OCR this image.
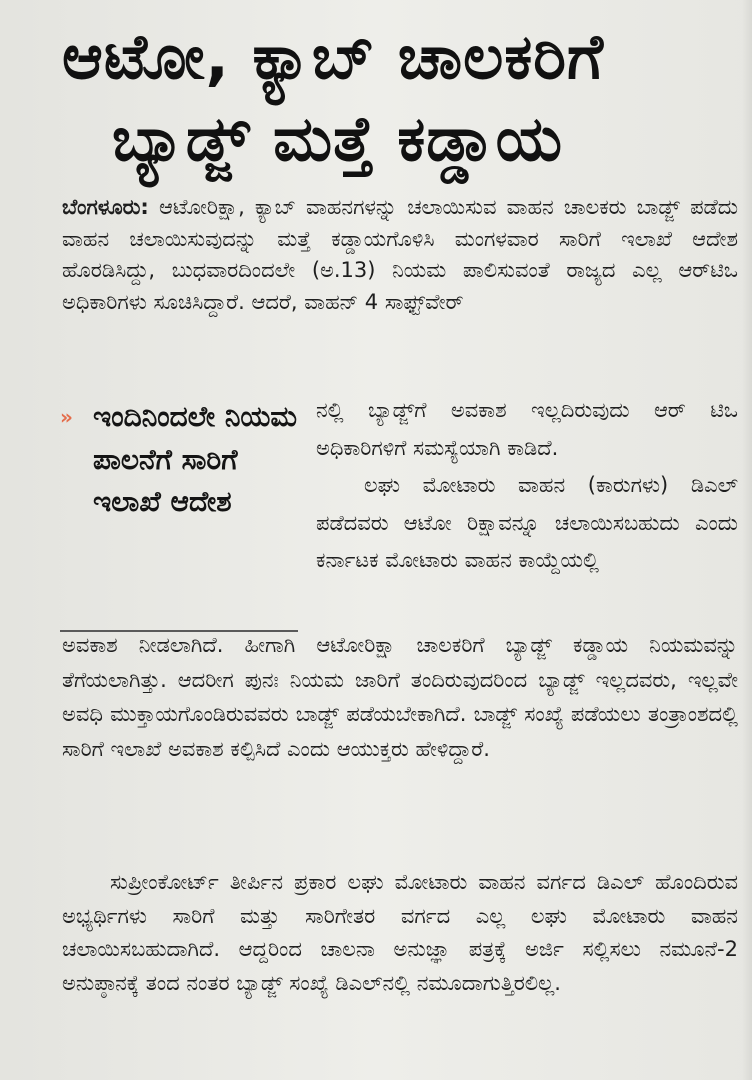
ಆಟೋ, ಕ್ಯಾಬ್ ಚಾಲಕರಿಗೆ
ಬ್ಯಾಡ್ಜ್ ಮತ್ತೆ ಕಡ್ಡಾಯ

ಬೆಂಗಳೂರು: ಆಟೋರಿಕ್ಷಾ, ಕ್ಯಾಬ್ ವಾಹನಗಳನ್ನು ಚಲಾಯಿಸುವ ವಾಹನ ಚಾಲಕರು ಬಾಡ್ಜ್ ಪಡೆದು ವಾಹನ ಚಲಾಯಿಸುವುದನ್ನು ಮತ್ತೆ ಕಡ್ಡಾಯಗೊಳಿಸಿ ಮಂಗಳವಾರ ಸಾರಿಗೆ ಇಲಾಖೆ ಆದೇಶ ಹೊರಡಿಸಿದ್ದು, ಬುಧವಾರದಿಂದಲೇ (ಅ.13) ನಿಯಮ ಪಾಲಿಸುವಂತೆ ರಾಜ್ಯದ ಎಲ್ಲ ಆರ್‌ಟಿಒ ಅಧಿಕಾರಿಗಳು ಸೂಚಿಸಿದ್ದಾರೆ. ಆದರೆ, ವಾಹನ್ 4 ಸಾಫ್ಟ್‌ವೇರ್

» ಇಂದಿನಿಂದಲೇ ನಿಯಮ ಪಾಲನೆಗೆ ಸಾರಿಗೆ ಇಲಾಖೆ ಆದೇಶ

ನಲ್ಲಿ ಬ್ಯಾಡ್ಜ್‌ಗೆ ಅವಕಾಶ ಇಲ್ಲದಿರುವುದು ಆರ್ ಟಿಒ ಅಧಿಕಾರಿಗಳಿಗೆ ಸಮಸ್ಯೆಯಾಗಿ ಕಾಡಿದೆ.

ಲಘು ಮೋಟಾರು ವಾಹನ (ಕಾರುಗಳು) ಡಿಎಲ್ ಪಡೆದವರು ಆಟೋ ರಿಕ್ಷಾವನ್ನೂ ಚಲಾಯಿಸಬಹುದು ಎಂದು ಕರ್ನಾಟಕ ಮೋಟಾರು ವಾಹನ ಕಾಯ್ದೆಯಲ್ಲಿ

ಅವಕಾಶ ನೀಡಲಾಗಿದೆ. ಹೀಗಾಗಿ ಆಟೋರಿಕ್ಷಾ ಚಾಲಕರಿಗೆ ಬ್ಯಾಡ್ಜ್ ಕಡ್ಡಾಯ ನಿಯಮವನ್ನು ತೆಗೆಯಲಾಗಿತ್ತು. ಆದರೀಗ ಪುನಃ ನಿಯಮ ಜಾರಿಗೆ ತಂದಿರುವುದರಿಂದ ಬ್ಯಾಡ್ಜ್ ಇಲ್ಲದವರು, ಇಲ್ಲವೇ ಅವಧಿ ಮುಕ್ತಾಯಗೊಂಡಿರುವವರು ಬಾಡ್ಜ್ ಪಡೆಯಬೇಕಾಗಿದೆ. ಬಾಡ್ಜ್ ಸಂಖ್ಯೆ ಪಡೆಯಲು ತಂತ್ರಾಂಶದಲ್ಲಿ ಸಾರಿಗೆ ಇಲಾಖೆ ಅವಕಾಶ ಕಲ್ಪಿಸಿದೆ ಎಂದು ಆಯುಕ್ತರು ಹೇಳಿದ್ದಾರೆ.

ಸುಪ್ರೀಂಕೋರ್ಟ್ ತೀರ್ಪಿನ ಪ್ರಕಾರ ಲಘು ಮೋಟಾರು ವಾಹನ ವರ್ಗದ ಡಿಎಲ್ ಹೊಂದಿರುವ ಅಭ್ಯರ್ಥಿಗಳು ಸಾರಿಗೆ ಮತ್ತು ಸಾರಿಗೇತರ ವರ್ಗದ ಎಲ್ಲ ಲಘು ಮೋಟಾರು ವಾಹನ ಚಲಾಯಿಸಬಹುದಾಗಿದೆ. ಆದ್ದರಿಂದ ಚಾಲನಾ ಅನುಜ್ಞಾ ಪತ್ರಕ್ಕೆ ಅರ್ಜಿ ಸಲ್ಲಿಸಲು ನಮೂನೆ-2 ಅನುಪ್ಠಾನಕ್ಕೆ ತಂದ ನಂತರ ಬ್ಯಾಡ್ಜ್ ಸಂಖ್ಯೆ ಡಿಎಲ್‌ನಲ್ಲಿ ನಮೂದಾಗುತ್ತಿರಲಿಲ್ಲ.
